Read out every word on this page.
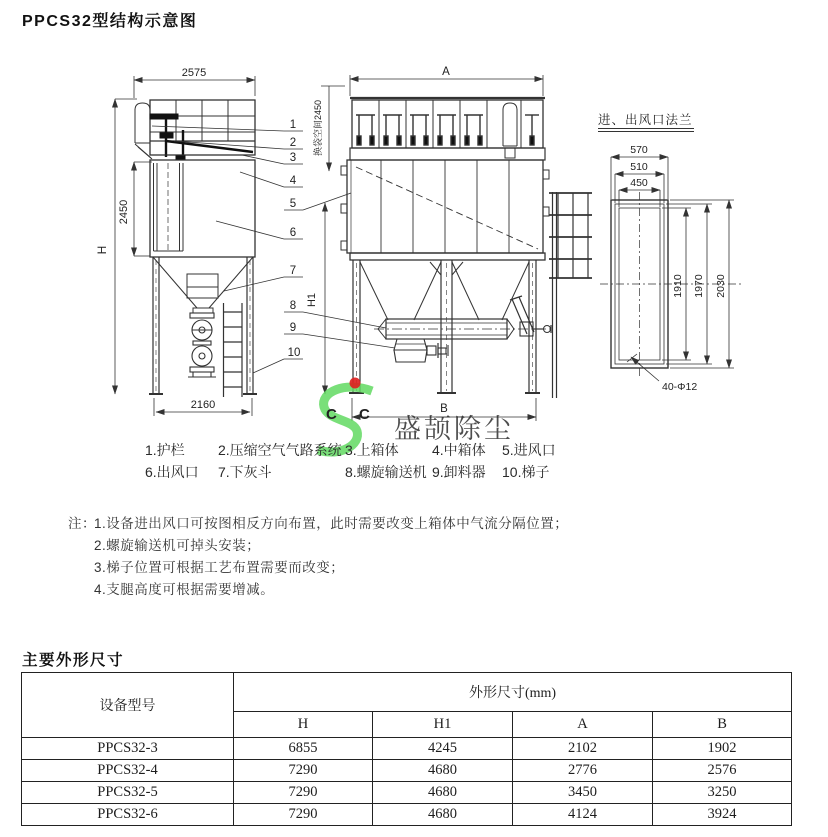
PPCS32型结构示意图
2575
H
2450
2160
A
换袋空间2450
H1
B
进、出风口法兰
570
510
450
1910 1970 2030
40-Φ12
1
2
3
4
5
6
7
8
9
10
C C 盛颉除尘
1.护栏 2.压缩空气气路系统 3.上箱体 4.中箱体 5.进风口
6.出风口 7.下灰斗	8.螺旋输送机 9.卸料器 10.梯子
注：
1.设备进出风口可按图相反方向布置，此时需要改变上箱体中气流分隔位置；
2.螺旋输送机可掉头安装；
3.梯子位置可根据工艺布置需要而改变；
4.支腿高度可根据需要增减。
主要外形尺寸
设备型号	外形尺寸(mm)			
	H	H1	A	B
PPCS32-3	6855	4245	2102	1902
PPCS32-4	7290	4680	2776	2576
PPCS32-5	7290	4680	3450	3250
PPCS32-6	7290	4680	4124	3924
